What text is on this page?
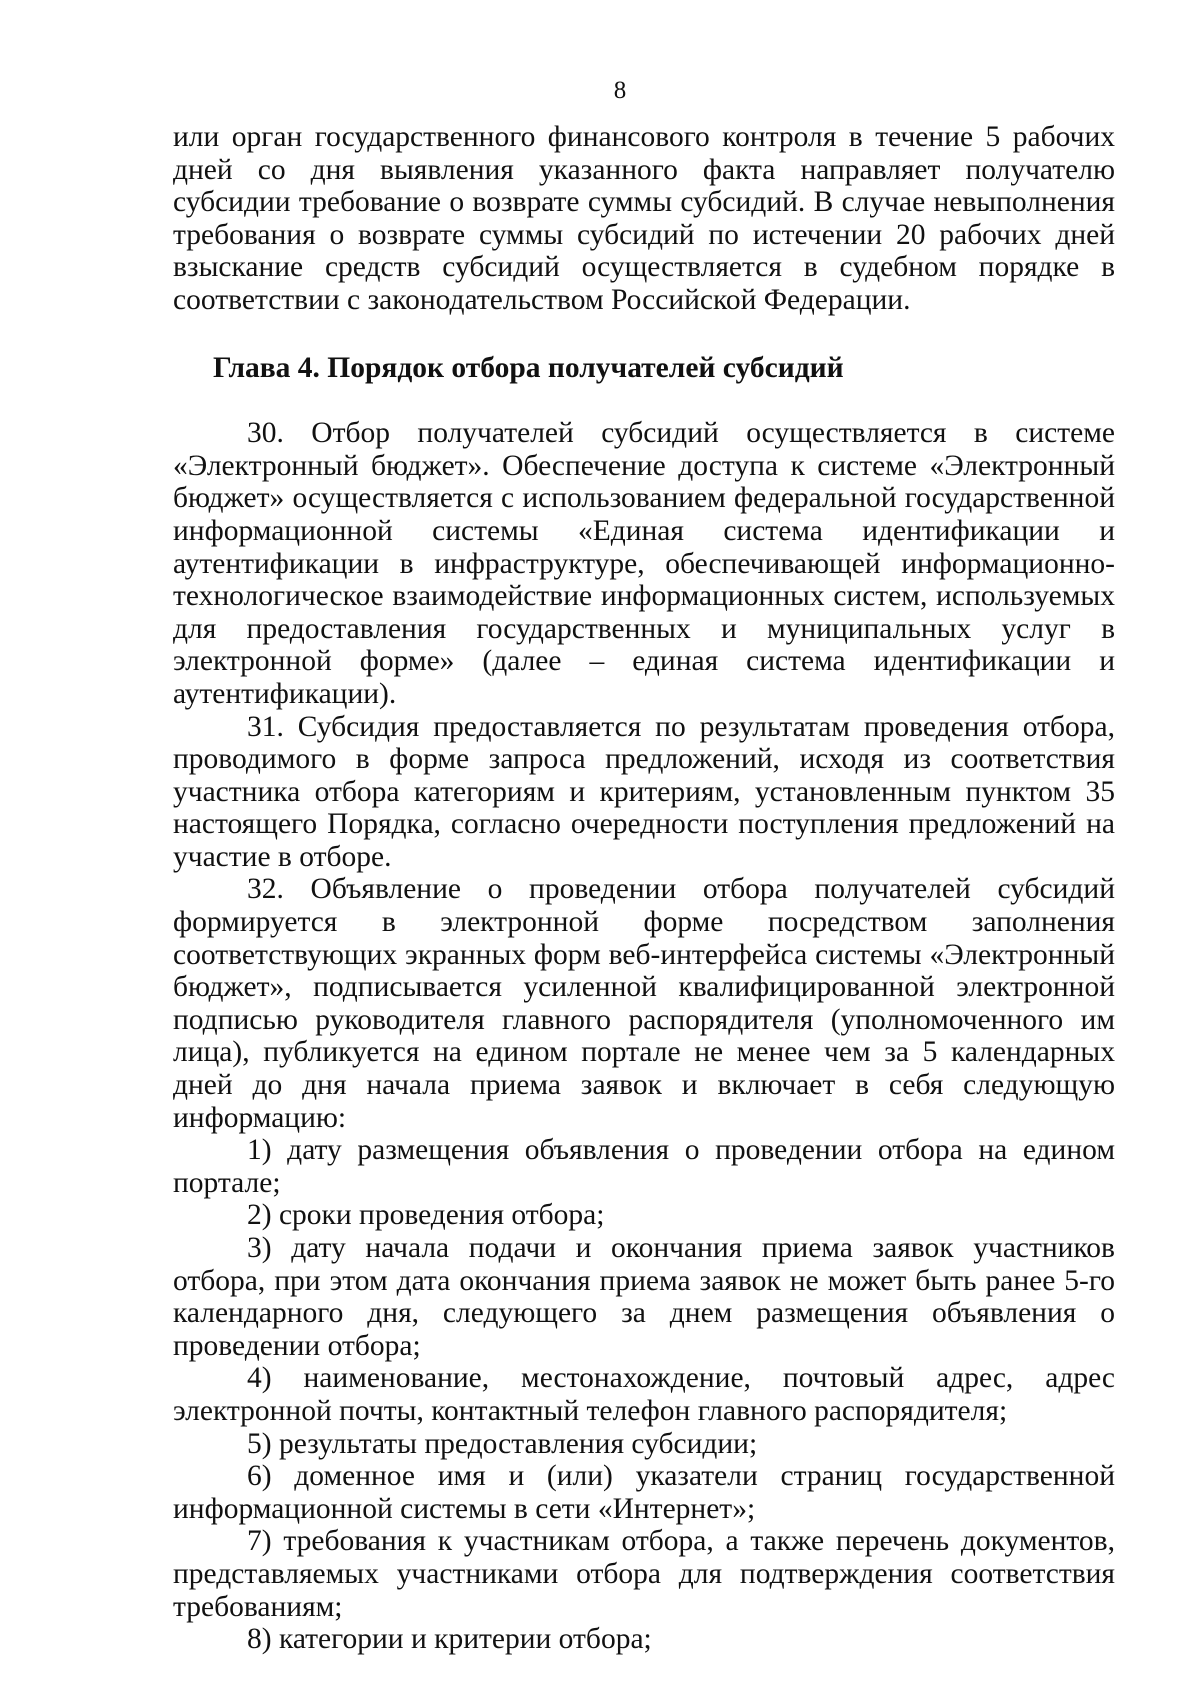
8

или орган государственного финансового контроля в течение 5 рабочих дней со дня выявления указанного факта направляет получателю субсидии требование о возврате суммы субсидий. В случае невыполнения требования о возврате суммы субсидий по истечении 20 рабочих дней взыскание средств субсидий осуществляется в судебном порядке в соответствии с законодательством Российской Федерации.

Глава 4. Порядок отбора получателей субсидий

30. Отбор получателей субсидий осуществляется в системе «Электронный бюджет». Обеспечение доступа к системе «Электронный бюджет» осуществляется с использованием федеральной государственной информационной системы «Единая система идентификации и аутентификации в инфраструктуре, обеспечивающей информационно-технологическое взаимодействие информационных систем, используемых для предоставления государственных и муниципальных услуг в электронной форме» (далее – единая система идентификации и аутентификации).

31. Субсидия предоставляется по результатам проведения отбора, проводимого в форме запроса предложений, исходя из соответствия участника отбора категориям и критериям, установленным пунктом 35 настоящего Порядка, согласно очередности поступления предложений на участие в отборе.

32. Объявление о проведении отбора получателей субсидий формируется в электронной форме посредством заполнения соответствующих экранных форм веб-интерфейса системы «Электронный бюджет», подписывается усиленной квалифицированной электронной подписью руководителя главного распорядителя (уполномоченного им лица), публикуется на едином портале не менее чем за 5 календарных дней до дня начала приема заявок и включает в себя следующую информацию:

1) дату размещения объявления о проведении отбора на едином портале;

2) сроки проведения отбора;

3) дату начала подачи и окончания приема заявок участников отбора, при этом дата окончания приема заявок не может быть ранее 5-го календарного дня, следующего за днем размещения объявления о проведении отбора;

4) наименование, местонахождение, почтовый адрес, адрес электронной почты, контактный телефон главного распорядителя;

5) результаты предоставления субсидии;

6) доменное имя и (или) указатели страниц государственной информационной системы в сети «Интернет»;

7) требования к участникам отбора, а также перечень документов, представляемых участниками отбора для подтверждения соответствия требованиям;

8) категории и критерии отбора;
